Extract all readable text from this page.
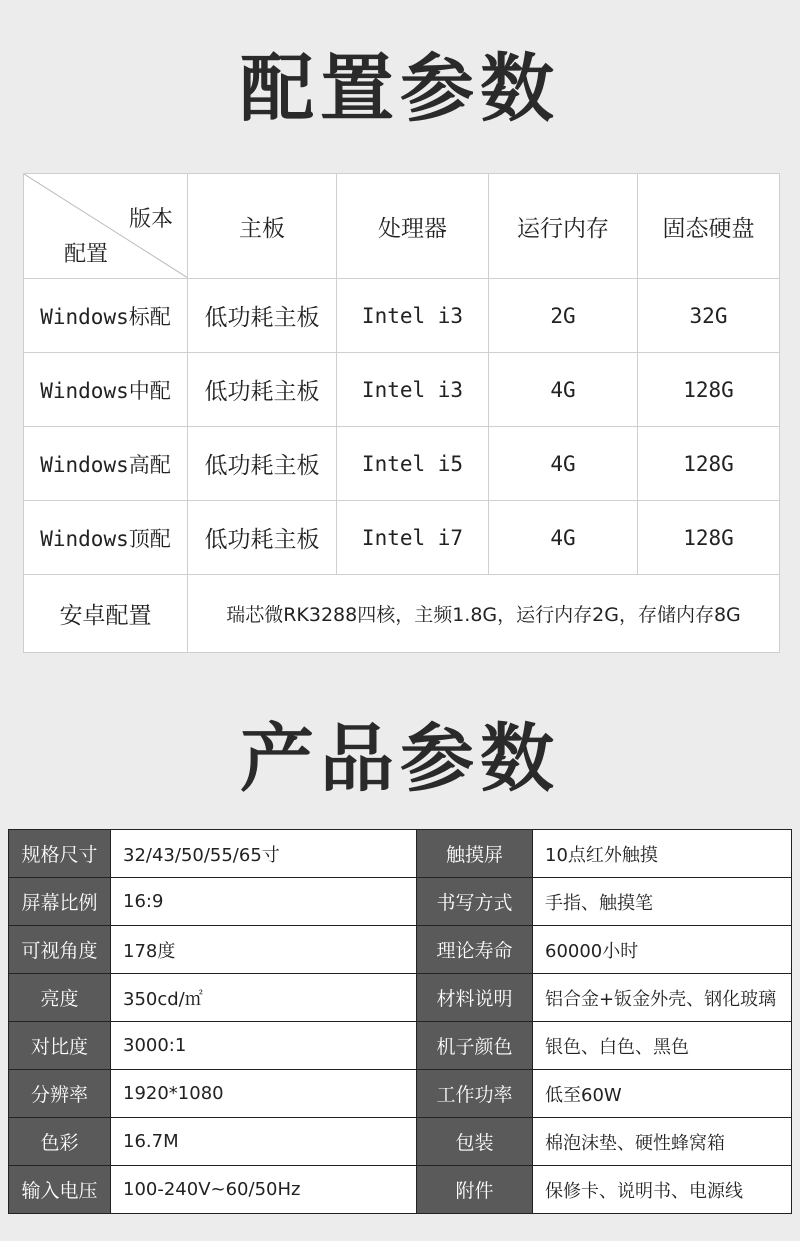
配置参数
版本
配置	主板	处理器	运行内存	固态硬盘
Windows标配	低功耗主板	Intel i3	2G	32G
Windows中配	低功耗主板	Intel i3	4G	128G
Windows高配	低功耗主板	Intel i5	4G	128G
Windows顶配	低功耗主板	Intel i7	4G	128G
安卓配置	瑞芯微RK3288四核，主频1.8G，运行内存2G，存储内存8G			
产品参数
规格尺寸	32/43/50/55/65寸	触摸屏	10点红外触摸
屏幕比例	16:9	书写方式	手指、触摸笔
可视角度	178度	理论寿命	60000小时
亮度	350cd/㎡	材料说明	铝合金+钣金外壳、钢化玻璃
对比度	3000:1	机子颜色	银色、白色、黑色
分辨率	1920*1080	工作功率	低至60W
色彩	16.7M	包装	棉泡沫垫、硬性蜂窝箱
输入电压	100-240V~60/50Hz	附件	保修卡、说明书、电源线
